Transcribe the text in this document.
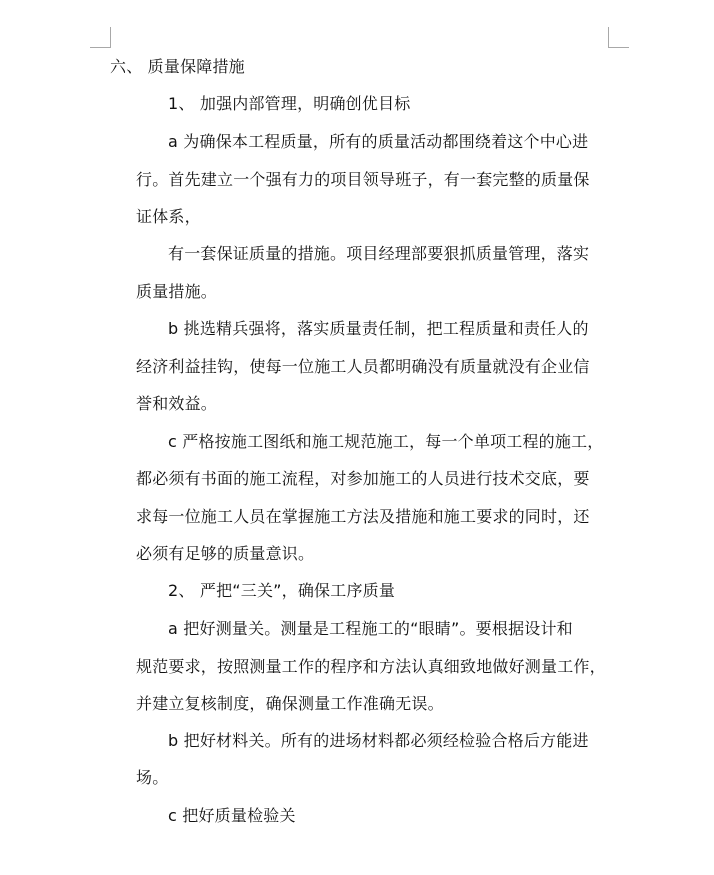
六、 质量保障措施
1、 加强内部管理，明确创优目标
a 为确保本工程质量，所有的质量活动都围绕着这个中心进
行。首先建立一个强有力的项目领导班子，有一套完整的质量保
证体系，
有一套保证质量的措施。项目经理部要狠抓质量管理，落实
质量措施。
b 挑选精兵强将，落实质量责任制，把工程质量和责任人的
经济利益挂钩，使每一位施工人员都明确没有质量就没有企业信
誉和效益。
c 严格按施工图纸和施工规范施工，每一个单项工程的施工，
都必须有书面的施工流程，对参加施工的人员进行技术交底，要
求每一位施工人员在掌握施工方法及措施和施工要求的同时，还
必须有足够的质量意识。
2、 严把“三关”，确保工序质量
a 把好测量关。测量是工程施工的“眼睛”。要根据设计和
规范要求，按照测量工作的程序和方法认真细致地做好测量工作，
并建立复核制度，确保测量工作准确无误。
b 把好材料关。所有的进场材料都必须经检验合格后方能进
场。
c 把好质量检验关
